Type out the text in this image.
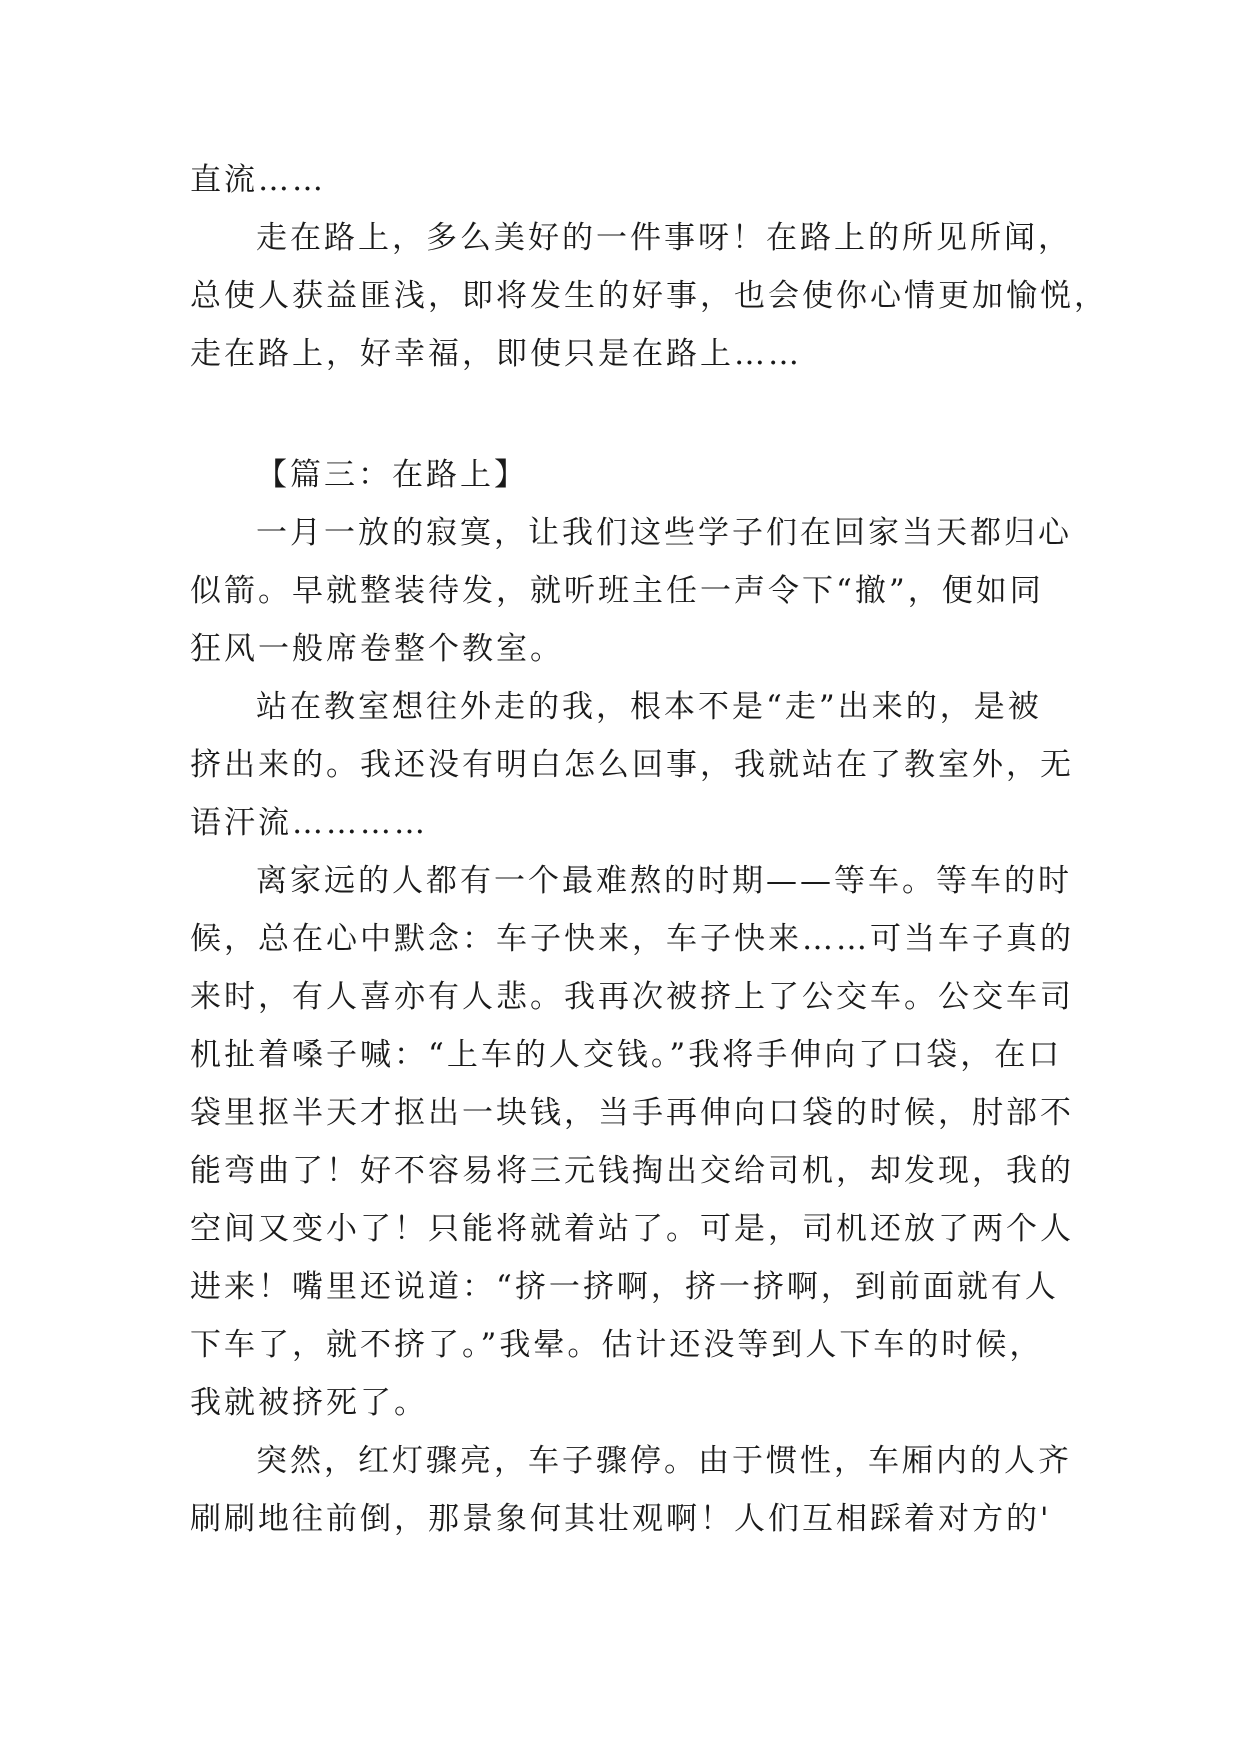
直流……
走在路上，多么美好的一件事呀！在路上的所见所闻，
总使人获益匪浅，即将发生的好事，也会使你心情更加愉悦，
走在路上，好幸福，即使只是在路上……
【篇三：在路上】
一月一放的寂寞，让我们这些学子们在回家当天都归心
似箭。早就整装待发，就听班主任一声令下“撤”，便如同
狂风一般席卷整个教室。
站在教室想往外走的我，根本不是“走”出来的，是被
挤出来的。我还没有明白怎么回事，我就站在了教室外，无
语汗流…………
离家远的人都有一个最难熬的时期——等车。等车的时
候，总在心中默念：车子快来，车子快来……可当车子真的
来时，有人喜亦有人悲。我再次被挤上了公交车。公交车司
机扯着嗓子喊：“上车的人交钱。”我将手伸向了口袋，在口
袋里抠半天才抠出一块钱，当手再伸向口袋的时候，肘部不
能弯曲了！好不容易将三元钱掏出交给司机，却发现，我的
空间又变小了！只能将就着站了。可是，司机还放了两个人
进来！嘴里还说道：“挤一挤啊，挤一挤啊，到前面就有人
下车了，就不挤了。”我晕。估计还没等到人下车的时候，
我就被挤死了。
突然，红灯骤亮，车子骤停。由于惯性，车厢内的人齐
刷刷地往前倒，那景象何其壮观啊！人们互相踩着对方的'
